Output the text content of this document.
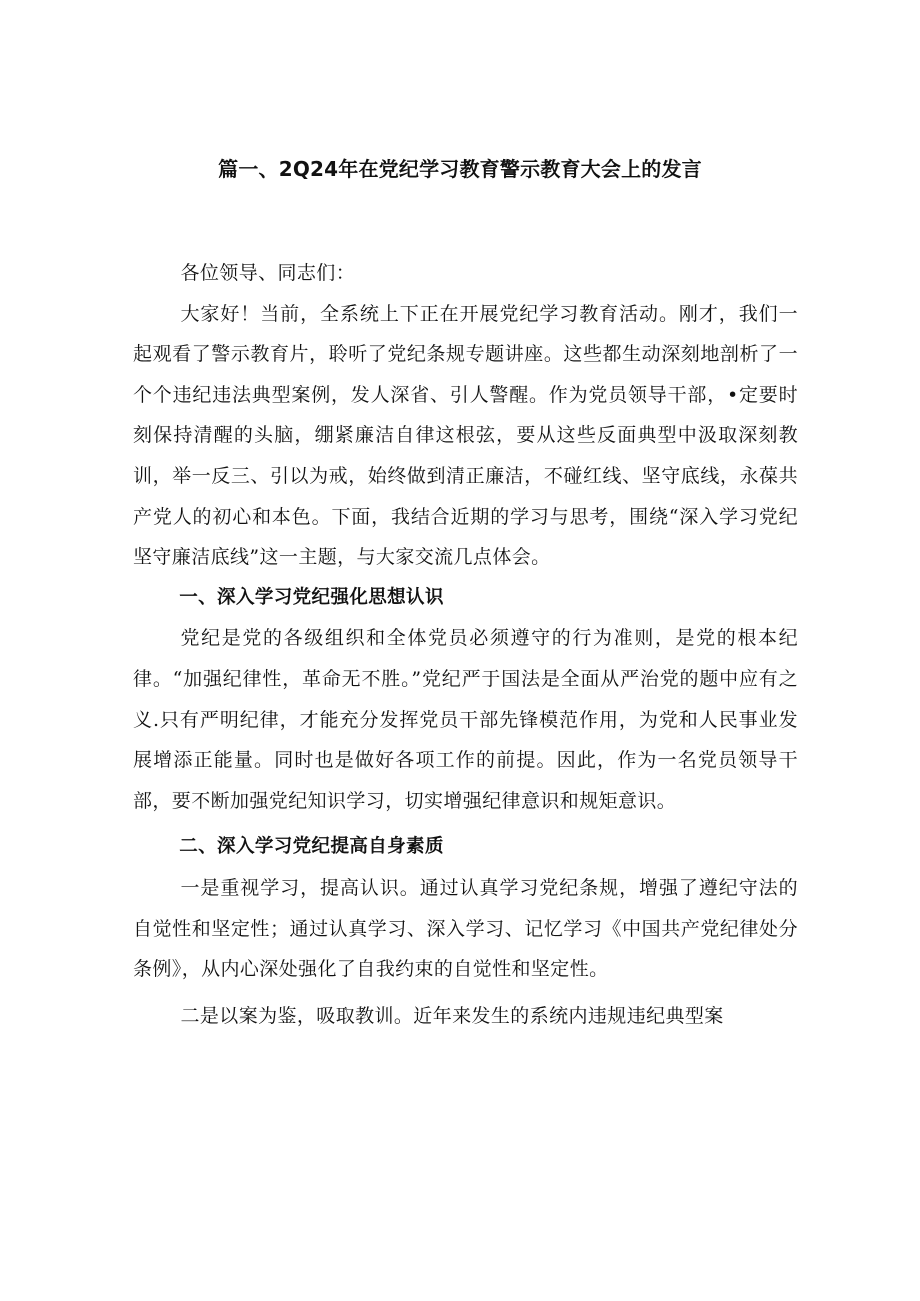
篇一、2Q24年在党纪学习教育警示教育大会上的发言

各位领导、同志们：

大家好！当前，全系统上下正在开展党纪学习教育活动。刚才，我们一起观看了警示教育片，聆听了党纪条规专题讲座。这些都生动深刻地剖析了一个个违纪违法典型案例，发人深省、引人警醒。作为党员领导干部，•定要时刻保持清醒的头脑，绷紧廉洁自律这根弦，要从这些反面典型中汲取深刻教训，举一反三、引以为戒，始终做到清正廉洁，不碰红线、坚守底线，永葆共产党人的初心和本色。下面，我结合近期的学习与思考，围绕“深入学习党纪坚守廉洁底线”这一主题，与大家交流几点体会。

一、深入学习党纪强化思想认识

党纪是党的各级组织和全体党员必须遵守的行为准则，是党的根本纪律。“加强纪律性，革命无不胜。”党纪严于国法是全面从严治党的题中应有之义.只有严明纪律，才能充分发挥党员干部先锋模范作用，为党和人民事业发展增添正能量。同时也是做好各项工作的前提。因此，作为一名党员领导干部，要不断加强党纪知识学习，切实增强纪律意识和规矩意识。

二、深入学习党纪提高自身素质

一是重视学习，提高认识。通过认真学习党纪条规，增强了遵纪守法的自觉性和坚定性；通过认真学习、深入学习、记忆学习《中国共产党纪律处分条例》，从内心深处强化了自我约束的自觉性和坚定性。

二是以案为鉴，吸取教训。近年来发生的系统内违规违纪典型案
